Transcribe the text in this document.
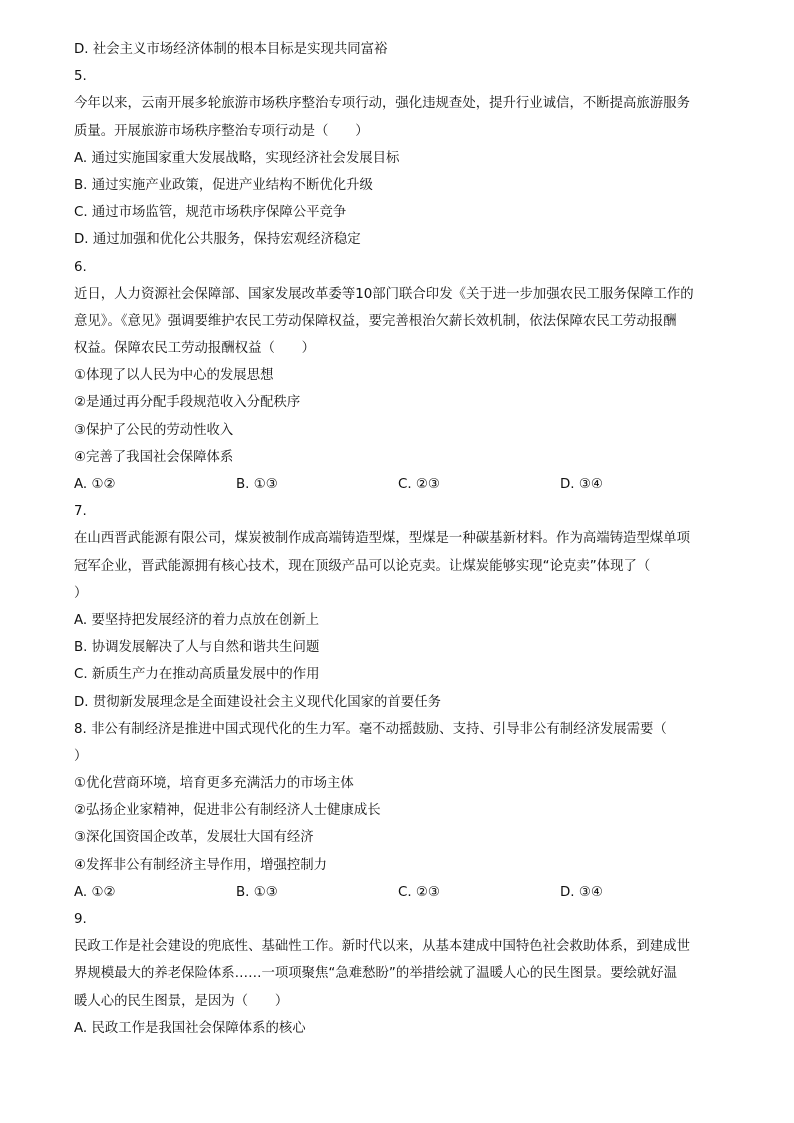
D. 社会主义市场经济体制的根本目标是实现共同富裕
5.
今年以来，云南开展多轮旅游市场秩序整治专项行动，强化违规查处，提升行业诚信，不断提高旅游服务
质量。开展旅游市场秩序整治专项行动是（　　）
A. 通过实施国家重大发展战略，实现经济社会发展目标
B. 通过实施产业政策，促进产业结构不断优化升级
C. 通过市场监管，规范市场秩序保障公平竞争
D. 通过加强和优化公共服务，保持宏观经济稳定
6.
近日，人力资源社会保障部、国家发展改革委等10部门联合印发《关于进一步加强农民工服务保障工作的
意见》。《意见》强调要维护农民工劳动保障权益，要完善根治欠薪长效机制，依法保障农民工劳动报酬
权益。保障农民工劳动报酬权益（　　）
①体现了以人民为中心的发展思想
②是通过再分配手段规范收入分配秩序
③保护了公民的劳动性收入
④完善了我国社会保障体系
A. ①②	B. ①③	C. ②③	D. ③④
7.
在山西晋武能源有限公司，煤炭被制作成高端铸造型煤，型煤是一种碳基新材料。作为高端铸造型煤单项
冠军企业，晋武能源拥有核心技术，现在顶级产品可以论克卖。让煤炭能够实现“论克卖”体现了（
）
A. 要坚持把发展经济的着力点放在创新上
B. 协调发展解决了人与自然和谐共生问题
C. 新质生产力在推动高质量发展中的作用
D. 贯彻新发展理念是全面建设社会主义现代化国家的首要任务
8. 非公有制经济是推进中国式现代化的生力军。毫不动摇鼓励、支持、引导非公有制经济发展需要（
）
①优化营商环境，培育更多充满活力的市场主体
②弘扬企业家精神，促进非公有制经济人士健康成长
③深化国资国企改革，发展壮大国有经济
④发挥非公有制经济主导作用，增强控制力
A. ①②	B. ①③	C. ②③	D. ③④
9.
民政工作是社会建设的兜底性、基础性工作。新时代以来，从基本建成中国特色社会救助体系，到建成世
界规模最大的养老保险体系……一项项聚焦“急难愁盼”的举措绘就了温暖人心的民生图景。要绘就好温
暖人心的民生图景，是因为（　　）
A. 民政工作是我国社会保障体系的核心
